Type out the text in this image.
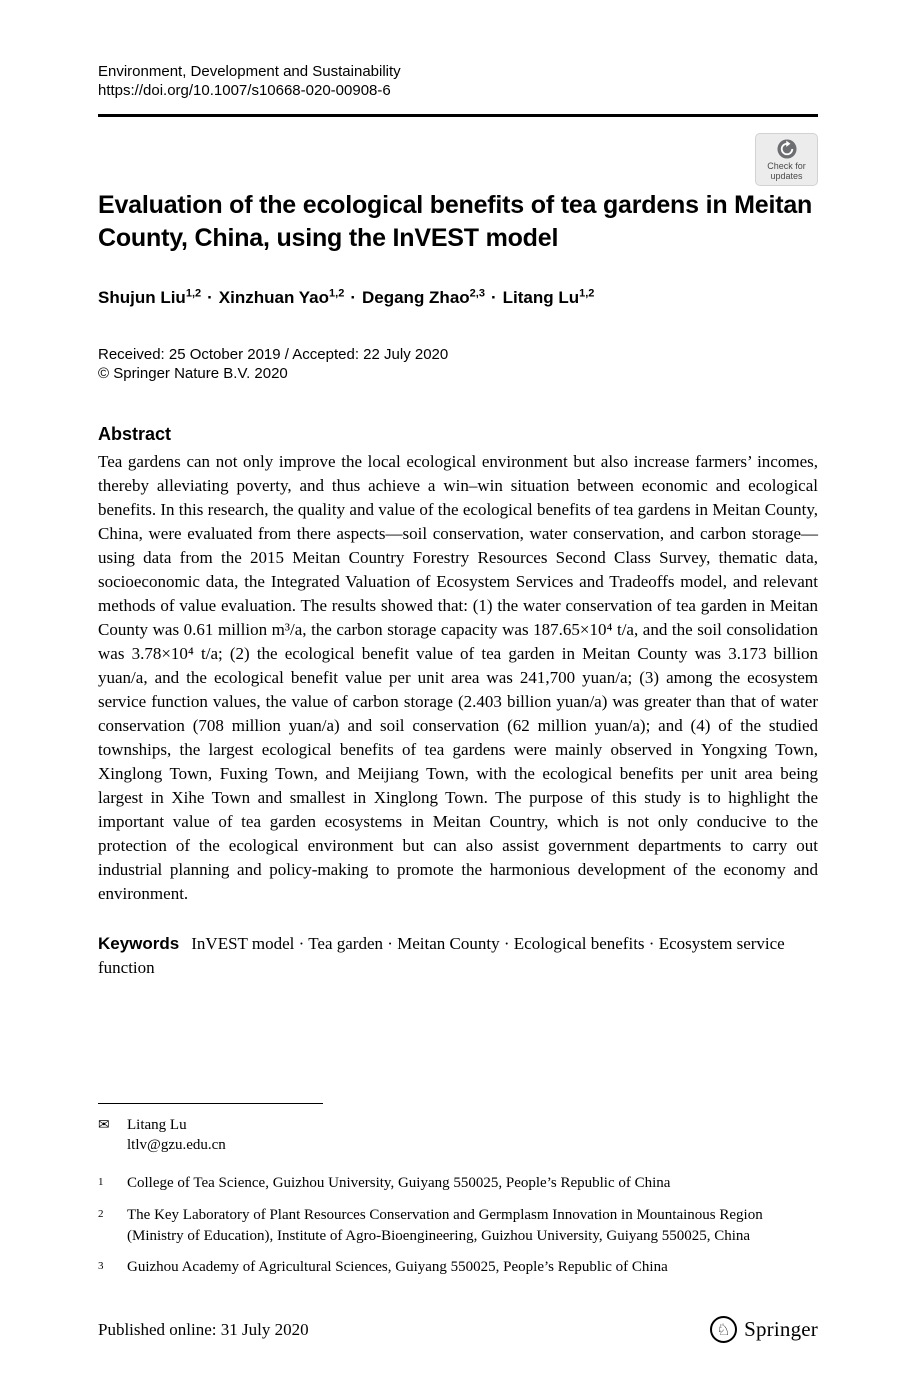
Environment, Development and Sustainability
https://doi.org/10.1007/s10668-020-00908-6
Evaluation of the ecological benefits of tea gardens in Meitan County, China, using the InVEST model
Shujun Liu$^{1,2}$ · Xinzhuan Yao$^{1,2}$ · Degang Zhao$^{2,3}$ · Litang Lu$^{1,2}$
Received: 25 October 2019 / Accepted: 22 July 2020
© Springer Nature B.V. 2020
Abstract

Tea gardens can not only improve the local ecological environment but also increase farmers’ incomes, thereby alleviating poverty, and thus achieve a win–win situation between economic and ecological benefits. In this research, the quality and value of the ecological benefits of tea gardens in Meitan County, China, were evaluated from there aspects—soil conservation, water conservation, and carbon storage—using data from the 2015 Meitan Country Forestry Resources Second Class Survey, thematic data, socioeconomic data, the Integrated Valuation of Ecosystem Services and Tradeoffs model, and relevant methods of value evaluation. The results showed that: (1) the water conservation of tea garden in Meitan County was 0.61 million m³/a, the carbon storage capacity was 187.65×10⁴ t/a, and the soil consolidation was 3.78×10⁴ t/a; (2) the ecological benefit value of tea garden in Meitan County was 3.173 billion yuan/a, and the ecological benefit value per unit area was 241,700 yuan/a; (3) among the ecosystem service function values, the value of carbon storage (2.403 billion yuan/a) was greater than that of water conservation (708 million yuan/a) and soil conservation (62 million yuan/a); and (4) of the studied townships, the largest ecological benefits of tea gardens were mainly observed in Yongxing Town, Xinglong Town, Fuxing Town, and Meijiang Town, with the ecological benefits per unit area being largest in Xihe Town and smallest in Xinglong Town. The purpose of this study is to highlight the important value of tea garden ecosystems in Meitan Country, which is not only conducive to the protection of the ecological environment but can also assist government departments to carry out industrial planning and policy-making to promote the harmonious development of the economy and environment.

Keywords InVEST model · Tea garden · Meitan County · Ecological benefits · Ecosystem service function

Check for
updates
✉	Litang Lu
ltlv@gzu.edu.cn
1	College of Tea Science, Guizhou University, Guiyang 550025, People’s Republic of China
2	The Key Laboratory of Plant Resources Conservation and Germplasm Innovation in Mountainous Region (Ministry of Education), Institute of Agro-Bioengineering, Guizhou University, Guiyang 550025, China
3	Guizhou Academy of Agricultural Sciences, Guiyang 550025, People’s Republic of China
Published online: 31 July 2020	♘ Springer
